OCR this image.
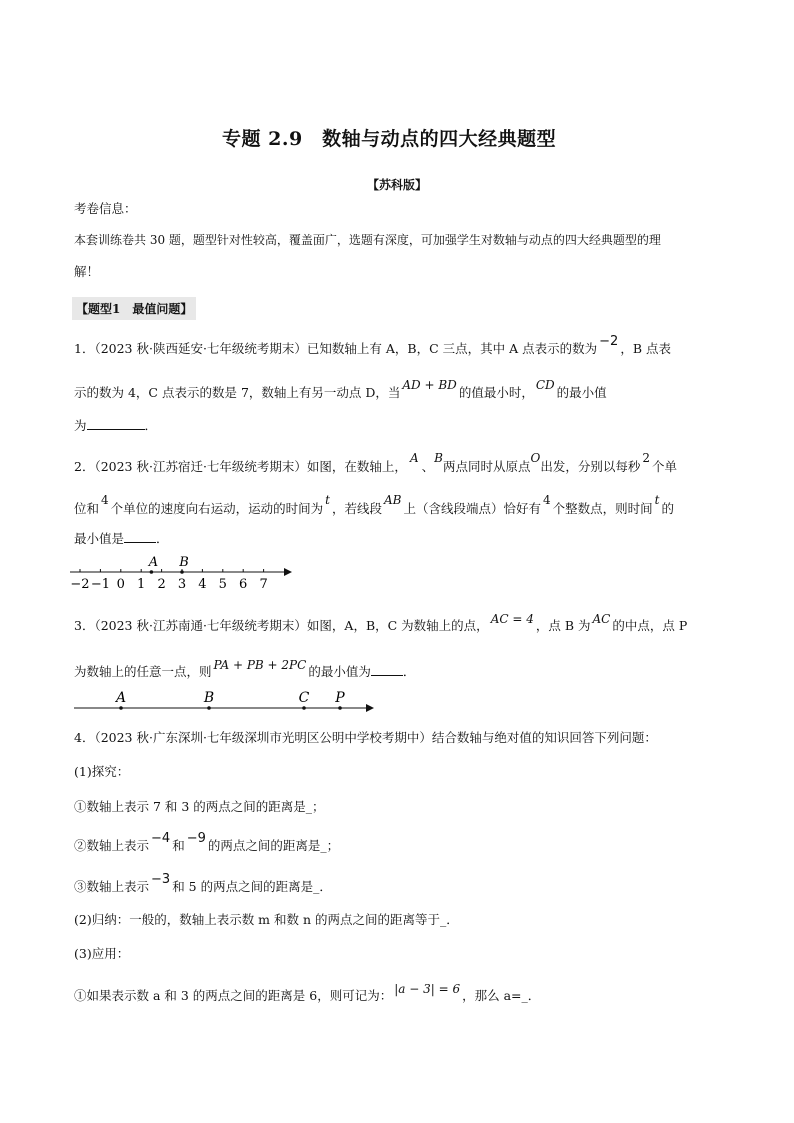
专题 2.9　数轴与动点的四大经典题型
【苏科版】
考卷信息：
本套训练卷共 30 题，题型针对性较高，覆盖面广，选题有深度，可加强学生对数轴与动点的四大经典题型的理
解！
【题型1　最值问题】
1．（2023 秋·陕西延安·七年级统考期末）已知数轴上有 A，B，C 三点，其中 A 点表示的数为 −2 ，B 点表
示的数为 4，C 点表示的数是 7，数轴上有另一动点 D，当 AD + BD 的值最小时， CD 的最小值
为	．
2．（2023 秋·江苏宿迁·七年级统考期末）如图，在数轴上，A、B两点同时从原点O出发，分别以每秒2个单
位和4个单位的速度向右运动，运动的时间为t，若线段AB上（含线段端点）恰好有4个整数点，则时间t的
最小值是	．
−2 −1 0 1 2 3 4 5 6 7
A B
3．（2023 秋·江苏南通·七年级统考期末）如图，A，B，C 为数轴上的点， AC = 4 ，点 B 为 AC 的中点，点 P
为数轴上的任意一点，则 PA + PB + 2PC 的最小值为	．
A	B	C P
4．（2023 秋·广东深圳·七年级深圳市光明区公明中学校考期中）结合数轴与绝对值的知识回答下列问题：
(1)探究：
①数轴上表示 7 和 3 的两点之间的距离是_；
②数轴上表示 −4 和 −9 的两点之间的距离是_；
③数轴上表示 −3 和 5 的两点之间的距离是_．
(2)归纳：一般的，数轴上表示数 m 和数 n 的两点之间的距离等于_．
(3)应用：
①如果表示数 a 和 3 的两点之间的距离是 6，则可记为： |a − 3| = 6 ，那么 a=_．
